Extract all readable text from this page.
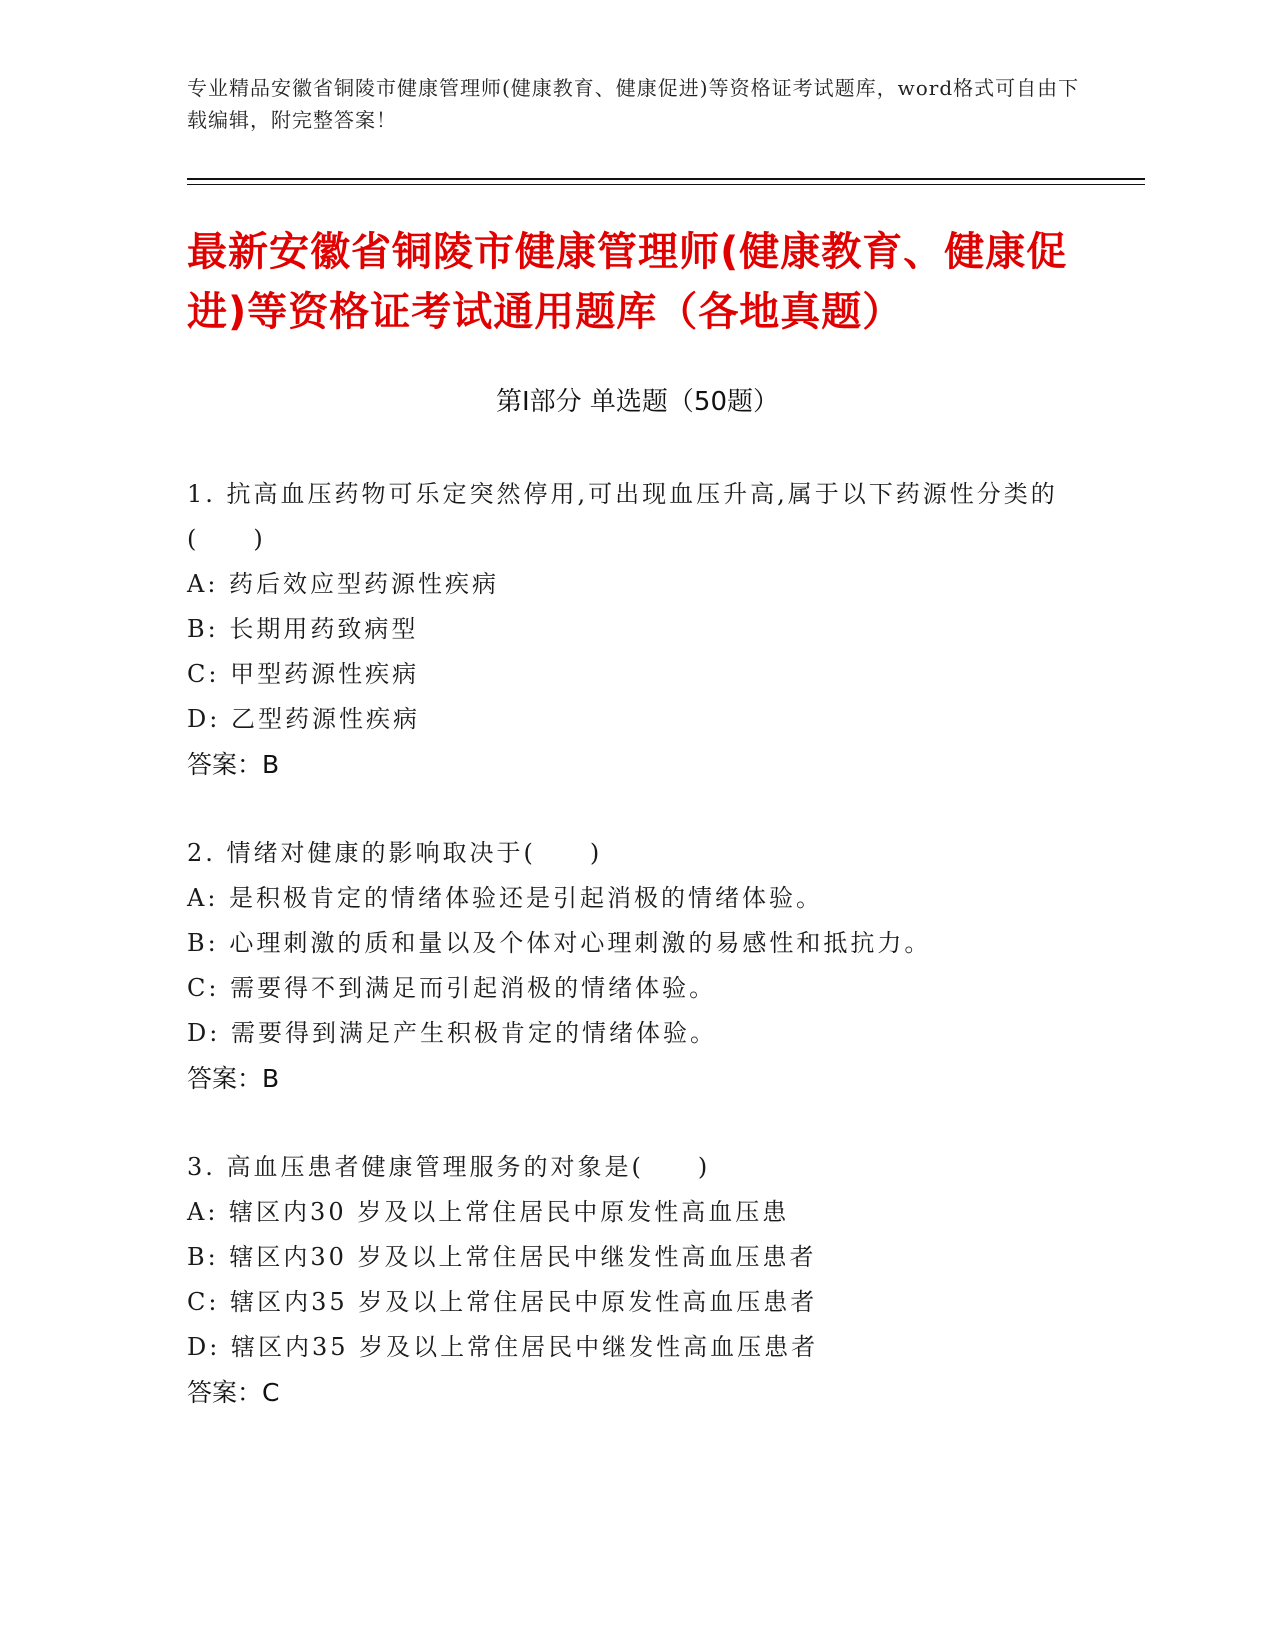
专业精品安徽省铜陵市健康管理师(健康教育、健康促进)等资格证考试题库，word格式可自由下载编辑，附完整答案！
最新安徽省铜陵市健康管理师(健康教育、健康促进)等资格证考试通用题库（各地真题）
第Ⅰ部分 单选题（50题）
1. 抗高血压药物可乐定突然停用,可出现血压升高,属于以下药源性分类的(　　)
A: 药后效应型药源性疾病
B: 长期用药致病型
C: 甲型药源性疾病
D: 乙型药源性疾病
答案：B
2. 情绪对健康的影响取决于(　　)
A: 是积极肯定的情绪体验还是引起消极的情绪体验。
B: 心理刺激的质和量以及个体对心理刺激的易感性和抵抗力。
C: 需要得不到满足而引起消极的情绪体验。
D: 需要得到满足产生积极肯定的情绪体验。
答案：B
3. 高血压患者健康管理服务的对象是(　　)
A: 辖区内30 岁及以上常住居民中原发性高血压患
B: 辖区内30 岁及以上常住居民中继发性高血压患者
C: 辖区内35 岁及以上常住居民中原发性高血压患者
D: 辖区内35 岁及以上常住居民中继发性高血压患者
答案：C
